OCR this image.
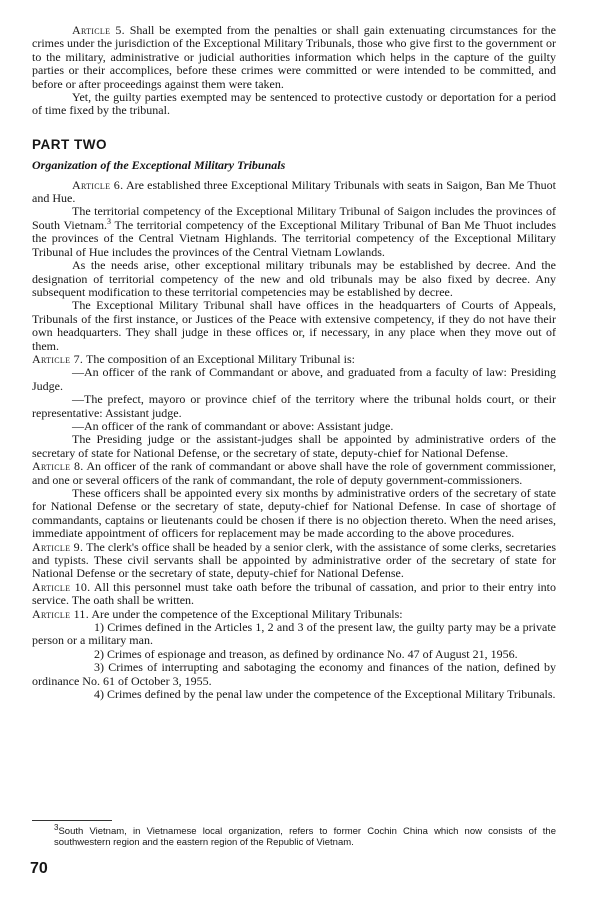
Article 5. Shall be exempted from the penalties or shall gain extenuating circumstances for the crimes under the jurisdiction of the Exceptional Military Tribunals, those who give first to the government or to the military, administrative or judicial authorities information which helps in the capture of the guilty parties or their accomplices, before these crimes were committed or were intended to be committed, and before or after proceedings against them were taken.

Yet, the guilty parties exempted may be sentenced to protective custody or deportation for a period of time fixed by the tribunal.

PART TWO
Organization of the Exceptional Military Tribunals

Article 6. Are established three Exceptional Military Tribunals with seats in Saigon, Ban Me Thuot and Hue.

The territorial competency of the Exceptional Military Tribunal of Saigon includes the provinces of South Vietnam.$^3$ The territorial competency of the Exceptional Military Tribunal of Ban Me Thuot includes the provinces of the Central Vietnam Highlands. The territorial competency of the Exceptional Military Tribunal of Hue includes the provinces of the Central Vietnam Lowlands.

As the needs arise, other exceptional military tribunals may be established by decree. And the designation of territorial competency of the new and old tribunals may be also fixed by decree. Any subsequent modification to these territorial competencies may be established by decree.

The Exceptional Military Tribunal shall have offices in the headquarters of Courts of Appeals, Tribunals of the first instance, or Justices of the Peace with extensive competency, if they do not have their own headquarters. They shall judge in these offices or, if necessary, in any place when they move out of them.

Article 7. The composition of an Exceptional Military Tribunal is:

—An officer of the rank of Commandant or above, and graduated from a faculty of law: Presiding Judge.

—The prefect, mayoro or province chief of the territory where the tribunal holds court, or their representative: Assistant judge.

—An officer of the rank of commandant or above: Assistant judge.

The Presiding judge or the assistant-judges shall be appointed by administrative orders of the secretary of state for National Defense, or the secretary of state, deputy-chief for National Defense.

Article 8. An officer of the rank of commandant or above shall have the role of government commissioner, and one or several officers of the rank of commandant, the role of deputy government-commissioners.

These officers shall be appointed every six months by administrative orders of the secretary of state for National Defense or the secretary of state, deputy-chief for National Defense. In case of shortage of commandants, captains or lieutenants could be chosen if there is no objection thereto. When the need arises, immediate appointment of officers for replacement may be made according to the above procedures.

Article 9. The clerk's office shall be headed by a senior clerk, with the assistance of some clerks, secretaries and typists. These civil servants shall be appointed by administrative order of the secretary of state for National Defense or the secretary of state, deputy-chief for National Defense.

Article 10. All this personnel must take oath before the tribunal of cassation, and prior to their entry into service. The oath shall be written.

Article 11. Are under the competence of the Exceptional Military Tribunals:

1) Crimes defined in the Articles 1, 2 and 3 of the present law, the guilty party may be a private person or a military man.

2) Crimes of espionage and treason, as defined by ordinance No. 47 of August 21, 1956.

3) Crimes of interrupting and sabotaging the economy and finances of the nation, defined by ordinance No. 61 of October 3, 1955.

4) Crimes defined by the penal law under the competence of the Exceptional Military Tribunals.

$^3$South Vietnam, in Vietnamese local organization, refers to former Cochin China which now consists of the southwestern region and the eastern region of the Republic of Vietnam.
70
